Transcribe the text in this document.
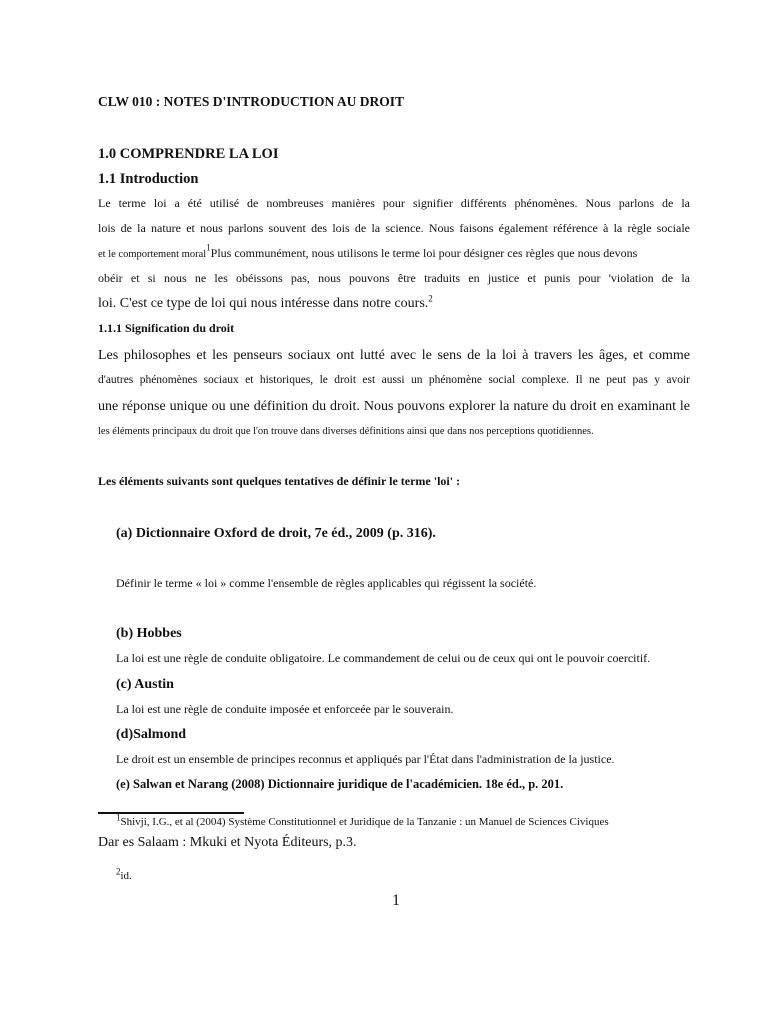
CLW 010 : NOTES D'INTRODUCTION AU DROIT
1.0 COMPRENDRE LA LOI
1.1 Introduction
Le terme loi a été utilisé de nombreuses manières pour signifier différents phénomènes. Nous parlons de la
lois de la nature et nous parlons souvent des lois de la science. Nous faisons également référence à la règle sociale
et le comportement moral$^1$Plus communément, nous utilisons le terme loi pour désigner ces règles que nous devons
obéir et si nous ne les obéissons pas, nous pouvons être traduits en justice et punis pour 'violation de la
loi. C'est ce type de loi qui nous intéresse dans notre cours.$^2$
1.1.1 Signification du droit
Les philosophes et les penseurs sociaux ont lutté avec le sens de la loi à travers les âges, et comme
d'autres phénomènes sociaux et historiques, le droit est aussi un phénomène social complexe. Il ne peut pas y avoir
une réponse unique ou une définition du droit. Nous pouvons explorer la nature du droit en examinant le
les éléments principaux du droit que l'on trouve dans diverses définitions ainsi que dans nos perceptions quotidiennes.
Les éléments suivants sont quelques tentatives de définir le terme 'loi' :
(a) Dictionnaire Oxford de droit, 7e éd., 2009 (p. 316).
Définir le terme « loi » comme l'ensemble de règles applicables qui régissent la société.
(b) Hobbes
La loi est une règle de conduite obligatoire. Le commandement de celui ou de ceux qui ont le pouvoir coercitif.
(c) Austin
La loi est une règle de conduite imposée et enforceée par le souverain.
(d)Salmond
Le droit est un ensemble de principes reconnus et appliqués par l'État dans l'administration de la justice.
(e) Salwan et Narang (2008) Dictionnaire juridique de l'académicien. 18e éd., p. 201.
$^1$Shivji, I.G., et al (2004) Système Constitutionnel et Juridique de la Tanzanie : un Manuel de Sciences Civiques
Dar es Salaam : Mkuki et Nyota Éditeurs, p.3.
$^2$id.
1
